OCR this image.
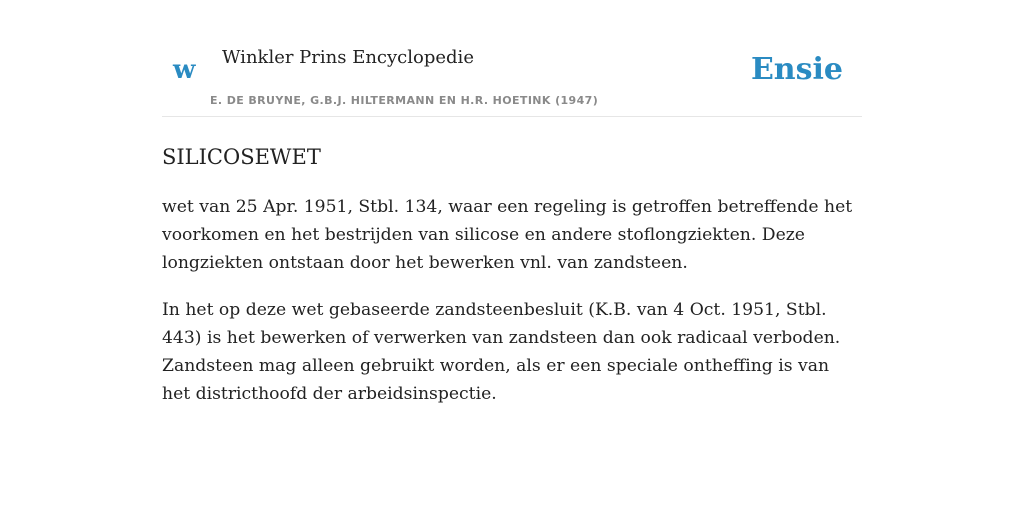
w Winkler Prins Encyclopedie
E. DE BRUYNE, G.B.J. HILTERMANN EN H.R. HOETINK (1947)
Ensie
SILICOSEWET

wet van 25 Apr. 1951, Stbl. 134, waar een regeling is getroffen betreffende het voorkomen en het bestrijden van silicose en andere stoflongziekten. Deze longziekten ontstaan door het bewerken vnl. van zandsteen.

In het op deze wet gebaseerde zandsteenbesluit (K.B. van 4 Oct. 1951, Stbl. 443) is het bewerken of verwerken van zandsteen dan ook radicaal verboden. Zandsteen mag alleen gebruikt worden, als er een speciale ontheffing is van het districthoofd der arbeidsinspectie.
